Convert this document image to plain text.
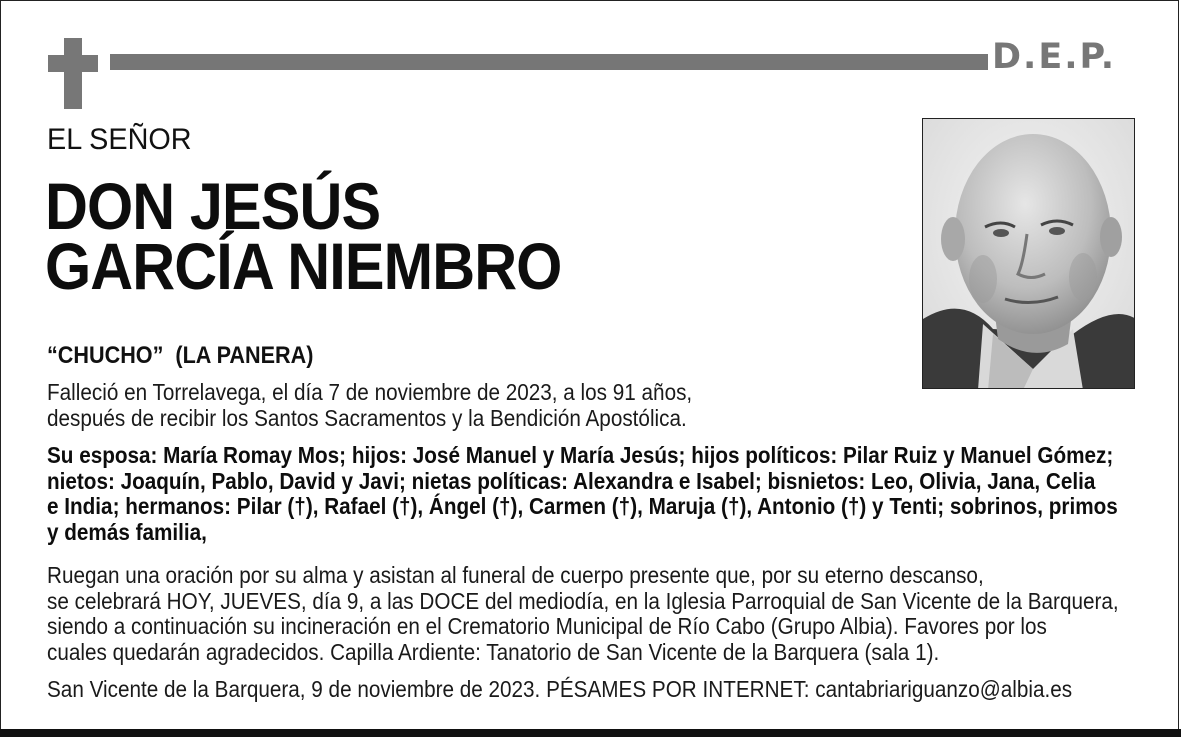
D.E.P.
EL SEÑOR
DON JESÚS
GARCÍA NIEMBRO
“CHUCHO”  (LA PANERA)
Falleció en Torrelavega, el día 7 de noviembre de 2023, a los 91 años,
después de recibir los Santos Sacramentos y la Bendición Apostólica.
Su esposa: María Romay Mos; hijos: José Manuel y María Jesús; hijos políticos: Pilar Ruiz y Manuel Gómez;
nietos: Joaquín, Pablo, David y Javi; nietas políticas: Alexandra e Isabel; bisnietos: Leo, Olivia, Jana, Celia
e India; hermanos: Pilar (†), Rafael (†), Ángel (†), Carmen (†), Maruja (†), Antonio (†) y Tenti; sobrinos, primos
y demás familia,
Ruegan una oración por su alma y asistan al funeral de cuerpo presente que, por su eterno descanso,
se celebrará HOY, JUEVES, día 9, a las DOCE del mediodía, en la Iglesia Parroquial de San Vicente de la Barquera,
siendo a continuación su incineración en el Crematorio Municipal de Río Cabo (Grupo Albia). Favores por los
cuales quedarán agradecidos. Capilla Ardiente: Tanatorio de San Vicente de la Barquera (sala 1).
San Vicente de la Barquera, 9 de noviembre de 2023. PÉSAMES POR INTERNET: cantabriariguanzo@albia.es
